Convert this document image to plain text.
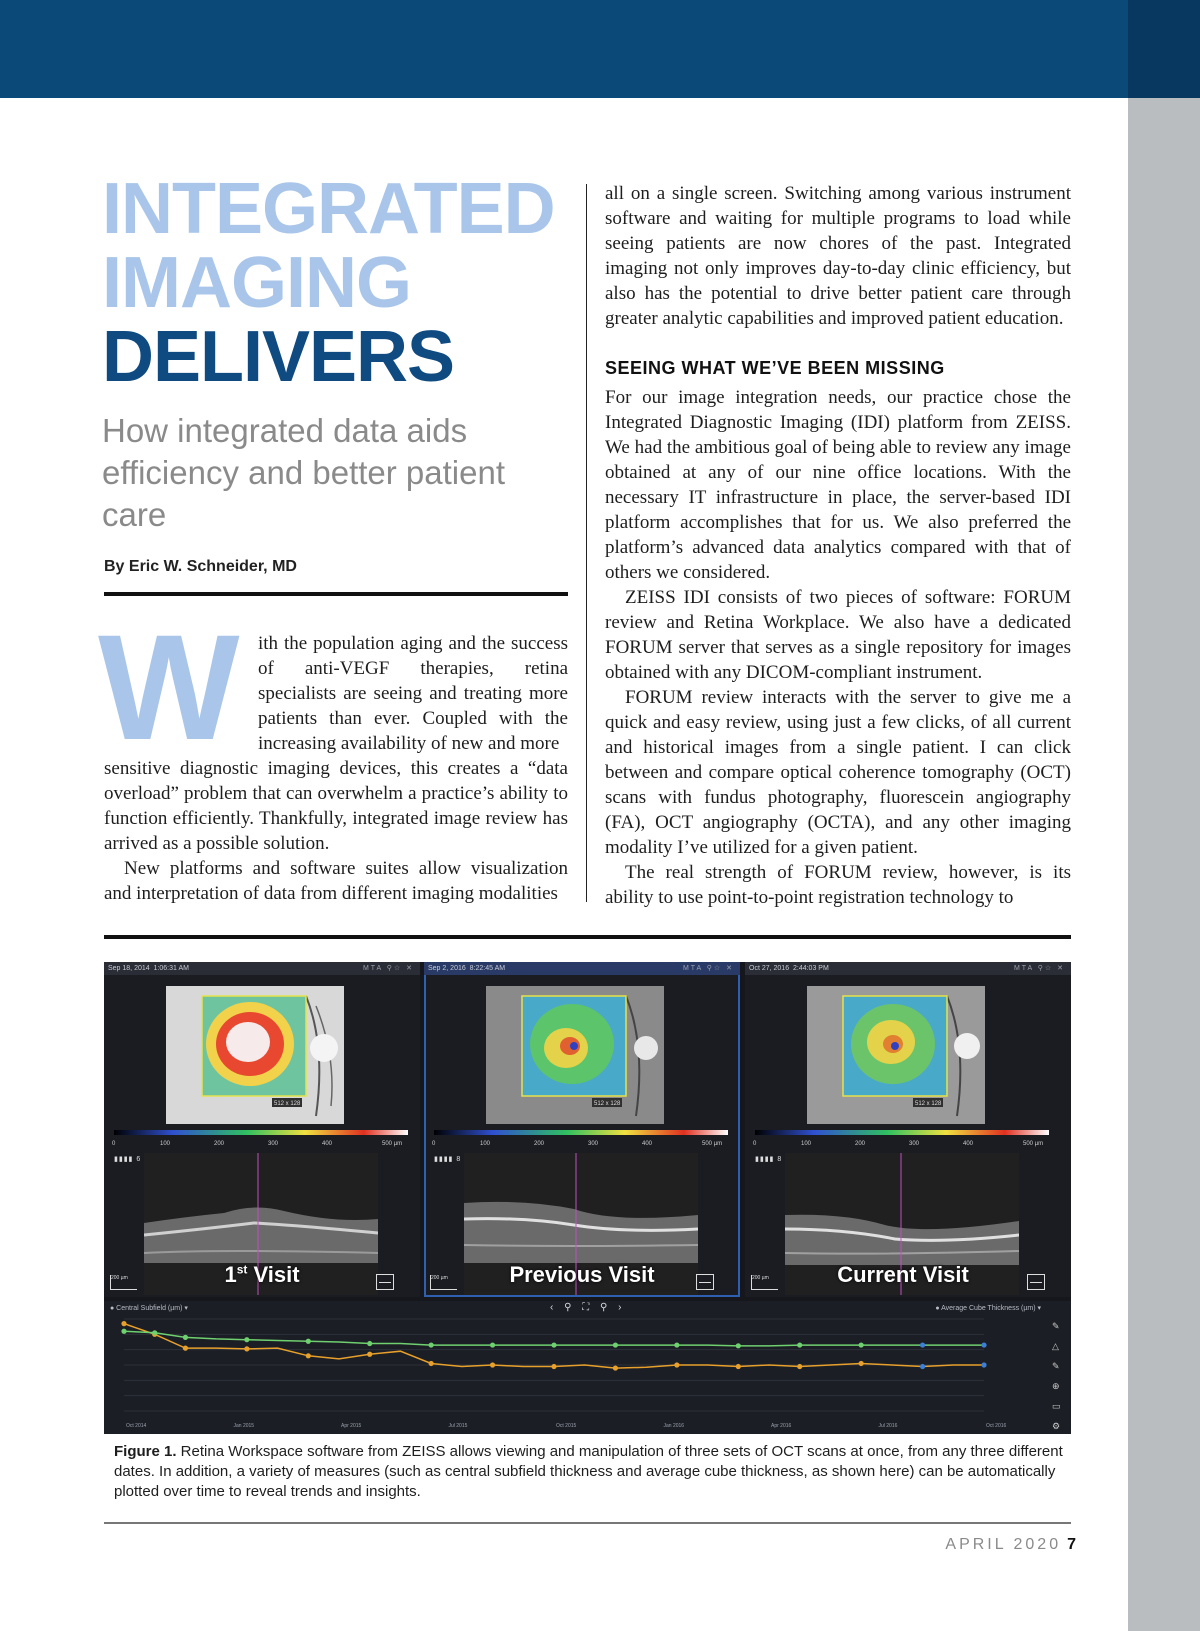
INTEGRATED
IMAGING
DELIVERS
How integrated data aids efficiency and better patient care
By Eric W. Schneider, MD
W ith the population aging and the success of anti-VEGF therapies, retina specialists are seeing and treating more patients than ever. Coupled with the increasing availability of new and more
sensitive diagnostic imaging devices, this creates a “data overload” problem that can overwhelm a practice’s ability to function efficiently. Thankfully, integrated image review has arrived as a possible solution.
New platforms and software suites allow visualization and interpretation of data from different imaging modalities

all on a single screen. Switching among various instrument software and waiting for multiple programs to load while seeing patients are now chores of the past. Integrated imaging not only improves day-to-day clinic efficiency, but also has the potential to drive better patient care through greater analytic capabilities and improved patient education.

SEEING WHAT WE’VE BEEN MISSING

For our image integration needs, our practice chose the Integrated Diagnostic Imaging (IDI) platform from ZEISS. We had the ambitious goal of being able to review any image obtained at any of our nine office locations. With the necessary IT infrastructure in place, the server-based IDI platform accomplishes that for us. We also preferred the platform’s advanced data analytics compared with that of others we considered.

ZEISS IDI consists of two pieces of software: FORUM review and Retina Workplace. We also have a dedicated FORUM server that serves as a single repository for images obtained with any DICOM-compliant instrument.

FORUM review interacts with the server to give me a quick and easy review, using just a few clicks, of all current and historical images from a single patient. I can click between and compare optical coherence tomography (OCT) scans with fundus photography, fluorescein angiography (FA), OCT angiography (OCTA), and any other imaging modality I’ve utilized for a given patient.

The real strength of FORUM review, however, is its ability to use point-to-point registration technology to

Sep 18, 2014 1:06:31 AM	MTA ⚲☆ ✕
512 x 128
0	100	200	300	400	500 µm
▮▮▮▮ 6
200 µm	1st Visit
Sep 2, 2016 8:22:45 AM	MTA ⚲☆ ✕
512 x 128
0	100	200	300	400	500 µm
▮▮▮▮ 8
200 µm	Previous Visit
Oct 27, 2016 2:44:03 PM	MTA ⚲☆ ✕
512 x 128
0	100	200	300	400	500 µm
▮▮▮▮ 8
200 µm	Current Visit
● Central Subfield (µm) ▾	‹ ⚲ ⛶ ⚲ ›	● Average Cube Thickness (µm) ▾
Oct 2014	Jan 2015	Apr 2015	Jul 2015	Oct 2015	Jan 2016	Apr 2016	Jul 2016	Oct 2016
✎
△
✎
⊕
▭
⚙
Figure 1. Retina Workspace software from ZEISS allows viewing and manipulation of three sets of OCT scans at once, from any three different dates. In addition, a variety of measures (such as central subfield thickness and average cube thickness, as shown here) can be automatically plotted over time to reveal trends and insights.
APRIL 2020 7
